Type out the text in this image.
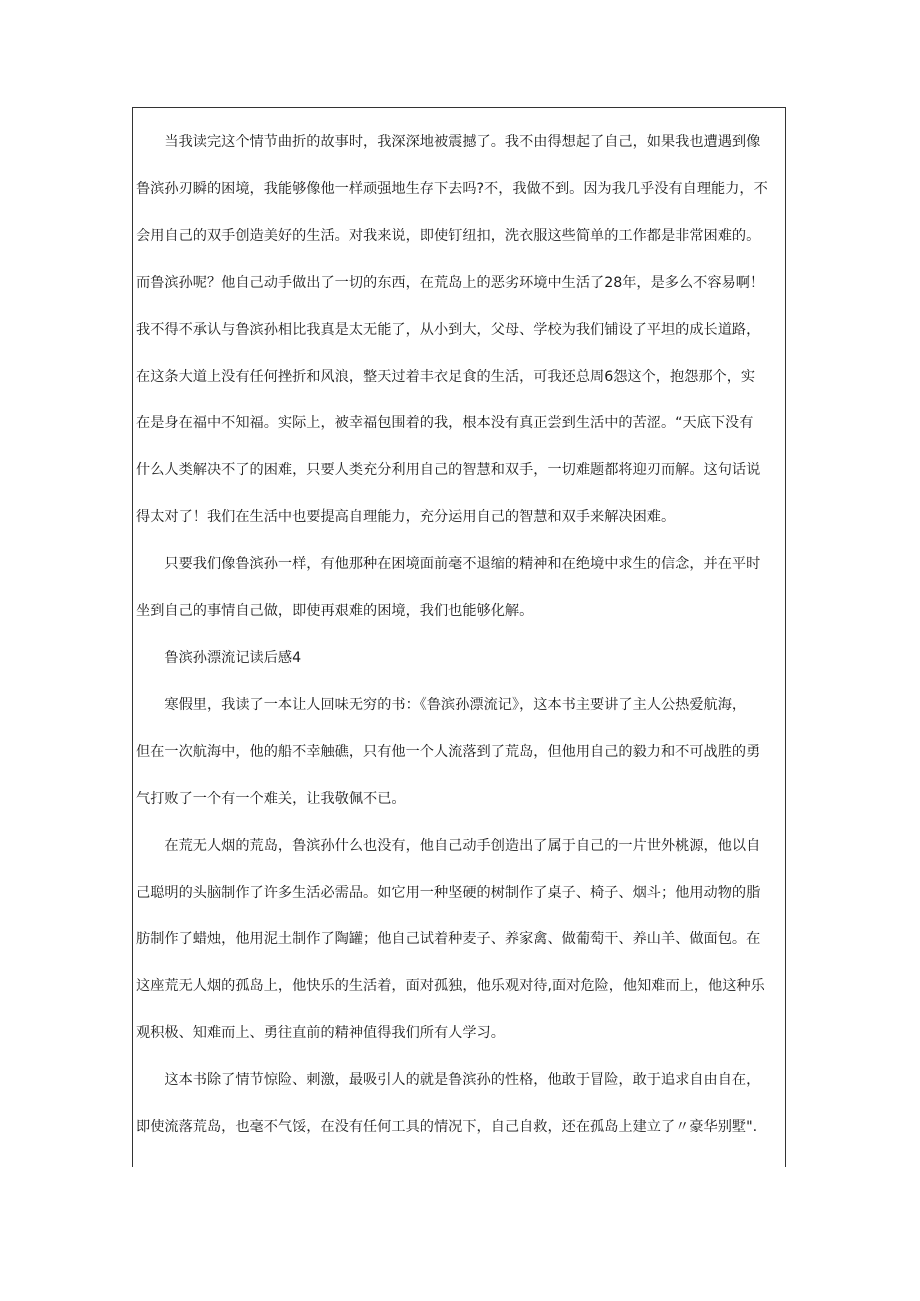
当我读完这个情节曲折的故事时，我深深地被震撼了。我不由得想起了自己，如果我也遭遇到像
鲁滨孙刃瞬的困境，我能够像他一样顽强地生存下去吗?不，我做不到。因为我几乎没有自理能力，不
会用自己的双手创造美好的生活。对我来说，即使钉纽扣，洗衣服这些简单的工作都是非常困难的。
而鲁滨孙呢？他自己动手做出了一切的东西，在荒岛上的恶劣环境中生活了28年，是多么不容易啊！
我不得不承认与鲁滨孙相比我真是太无能了，从小到大，父母、学校为我们铺设了平坦的成长道路，
在这条大道上没有任何挫折和风浪，整天过着丰衣足食的生活，可我还总周6怨这个，抱怨那个，实
在是身在福中不知福。实际上，被幸福包围着的我，根本没有真正尝到生活中的苦涩。“天底下没有
什么人类解决不了的困难，只要人类充分利用自己的智慧和双手，一切难题都将迎刃而解。这句话说
得太对了！我们在生活中也要提高自理能力，充分运用自己的智慧和双手来解决困难。

只要我们像鲁滨孙一样，有他那种在困境面前毫不退缩的精神和在绝境中求生的信念，并在平时
坐到自己的事情自己做，即使再艰难的困境，我们也能够化解。

鲁滨孙漂流记读后感4

寒假里，我读了一本让人回味无穷的书：《鲁滨孙漂流记》，这本书主要讲了主人公热爱航海，
但在一次航海中，他的船不幸触礁，只有他一个人流落到了荒岛，但他用自己的毅力和不可战胜的勇
气打败了一个有一个难关，让我敬佩不已。

在荒无人烟的荒岛，鲁滨孙什么也没有，他自己动手创造出了属于自己的一片世外桃源，他以自
己聪明的头脑制作了许多生活必需品。如它用一种坚硬的树制作了桌子、椅子、烟斗；他用动物的脂
肪制作了蜡烛，他用泥土制作了陶罐；他自己试着种麦子、养家禽、做葡萄干、养山羊、做面包。在
这座荒无人烟的孤岛上，他快乐的生活着，面对孤独，他乐观对待,面对危险，他知难而上，他这种乐
观积极、知难而上、勇往直前的精神值得我们所有人学习。

这本书除了情节惊险、刺激，最吸引人的就是鲁滨孙的性格，他敢于冒险，敢于追求自由自在，
即使流落荒岛，也毫不气馁，在没有任何工具的情况下，自己自救，还在孤岛上建立了〃豪华别墅".
